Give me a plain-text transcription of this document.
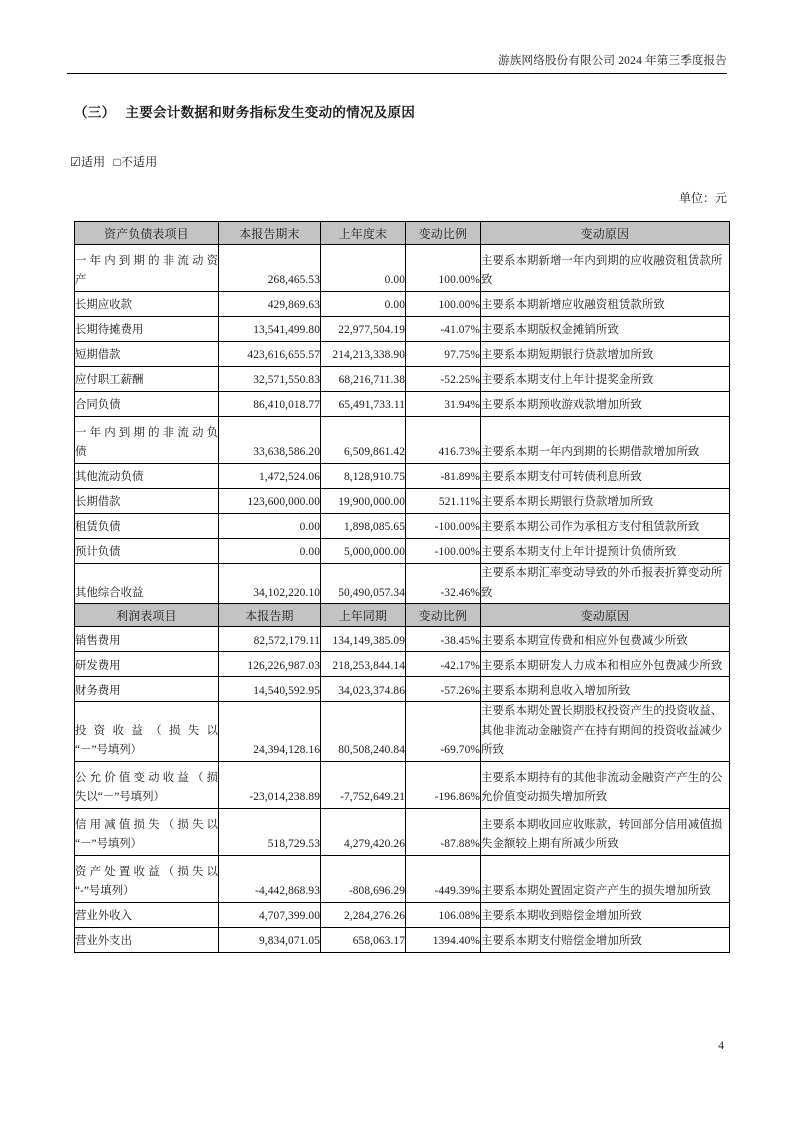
游族网络股份有限公司 2024 年第三季度报告
（三） 主要会计数据和财务指标发生变动的情况及原因
☑适用 □不适用
单位：元
资产负债表项目	本报告期末	上年度末	变动比例	变动原因

一年内到期的非流动资
产	268,465.53	0.00	100.00%	主要系本期新增一年内到期的应收融资租赁款所致
长期应收款	429,869.63	0.00	100.00%	主要系本期新增应收融资租赁款所致
长期待摊费用	13,541,499.80	22,977,504.19	-41.07%	主要系本期版权金摊销所致
短期借款	423,616,655.57	214,213,338.90	97.75%	主要系本期短期银行贷款增加所致
应付职工薪酬	32,571,550.83	68,216,711.38	-52.25%	主要系本期支付上年计提奖金所致
合同负债	86,410,018.77	65,491,733.11	31.94%	主要系本期预收游戏款增加所致

一年内到期的非流动负
债	33,638,586.20	6,509,861.42	416.73%	主要系本期一年内到期的长期借款增加所致
其他流动负债	1,472,524.06	8,128,910.75	-81.89%	主要系本期支付可转债利息所致
长期借款	123,600,000.00	19,900,000.00	521.11%	主要系本期长期银行贷款增加所致
租赁负债	0.00	1,898,085.65	-100.00%	主要系本期公司作为承租方支付租赁款所致
预计负债	0.00	5,000,000.00	-100.00%	主要系本期支付上年计提预计负债所致
其他综合收益	34,102,220.10	50,490,057.34	-32.46%	主要系本期汇率变动导致的外币报表折算变动所致
利润表项目	本报告期	上年同期	变动比例	变动原因
销售费用	82,572,179.11	134,149,385.09	-38.45%	主要系本期宣传费和相应外包费减少所致
研发费用	126,226,987.03	218,253,844.14	-42.17%	主要系本期研发人力成本和相应外包费减少所致
财务费用	14,540,592.95	34,023,374.86	-57.26%	主要系本期利息收入增加所致

投资收益（损失以
“－”号填列）	24,394,128.16	80,508,240.84	-69.70%	主要系本期处置长期股权投资产生的投资收益、其他非流动金融资产在持有期间的投资收益减少所致

公允价值变动收益（损
失以“－”号填列）	-23,014,238.89	-7,752,649.21	-196.86%	主要系本期持有的其他非流动金融资产产生的公允价值变动损失增加所致

信用减值损失（损失以
“－”号填列）	518,729.53	4,279,420.26	-87.88%	主要系本期收回应收账款，转回部分信用减值损失金额较上期有所减少所致

资产处置收益（损失以
“-”号填列）	-4,442,868.93	-808,696.29	-449.39%	主要系本期处置固定资产产生的损失增加所致
营业外收入	4,707,399.00	2,284,276.26	106.08%	主要系本期收到赔偿金增加所致
营业外支出	9,834,071.05	658,063.17	1394.40%	主要系本期支付赔偿金增加所致
4
